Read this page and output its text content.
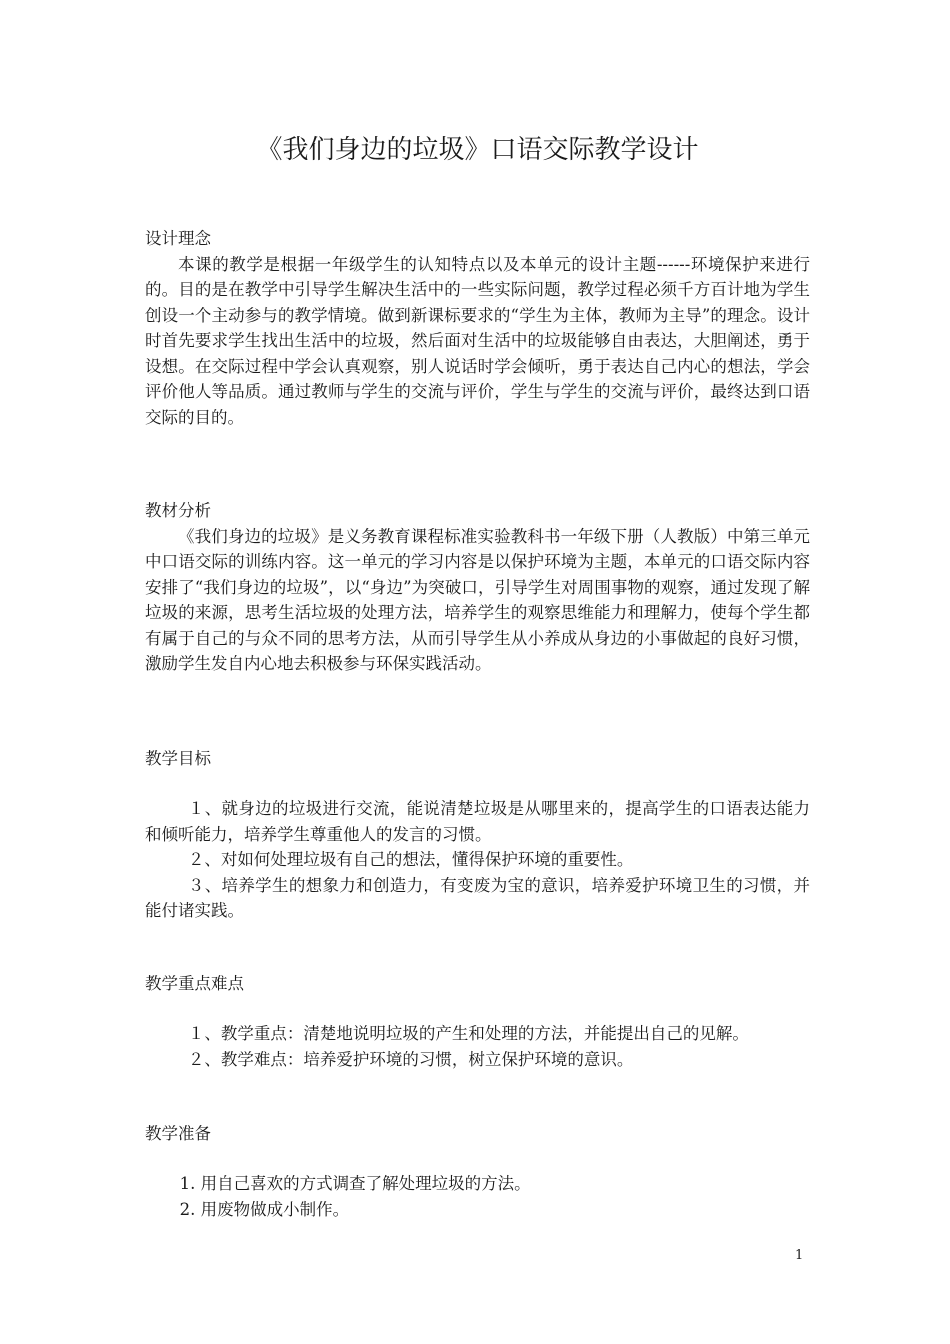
《我们身边的垃圾》口语交际教学设计

设计理念

本课的教学是根据一年级学生的认知特点以及本单元的设计主题------环境保护来进行的。目的是在教学中引导学生解决生活中的一些实际问题，教学过程必须千方百计地为学生创设一个主动参与的教学情境。做到新课标要求的“学生为主体，教师为主导”的理念。设计时首先要求学生找出生活中的垃圾，然后面对生活中的垃圾能够自由表达，大胆阐述，勇于设想。在交际过程中学会认真观察，别人说话时学会倾听，勇于表达自己内心的想法，学会评价他人等品质。通过教师与学生的交流与评价，学生与学生的交流与评价，最终达到口语交际的目的。

教材分析

《我们身边的垃圾》是义务教育课程标准实验教科书一年级下册（人教版）中第三单元中口语交际的训练内容。这一单元的学习内容是以保护环境为主题，本单元的口语交际内容安排了“我们身边的垃圾”，以“身边”为突破口，引导学生对周围事物的观察，通过发现了解垃圾的来源，思考生活垃圾的处理方法，培养学生的观察思维能力和理解力，使每个学生都有属于自己的与众不同的思考方法，从而引导学生从小养成从身边的小事做起的良好习惯，激励学生发自内心地去积极参与环保实践活动。

教学目标

１、就身边的垃圾进行交流，能说清楚垃圾是从哪里来的，提高学生的口语表达能力和倾听能力，培养学生尊重他人的发言的习惯。

２、对如何处理垃圾有自己的想法，懂得保护环境的重要性。

３、培养学生的想象力和创造力，有变废为宝的意识，培养爱护环境卫生的习惯，并能付诸实践。

教学重点难点

１、教学重点：清楚地说明垃圾的产生和处理的方法，并能提出自己的见解。

２、教学难点：培养爱护环境的习惯，树立保护环境的意识。

教学准备

1. 用自己喜欢的方式调查了解处理垃圾的方法。

2. 用废物做成小制作。

1
